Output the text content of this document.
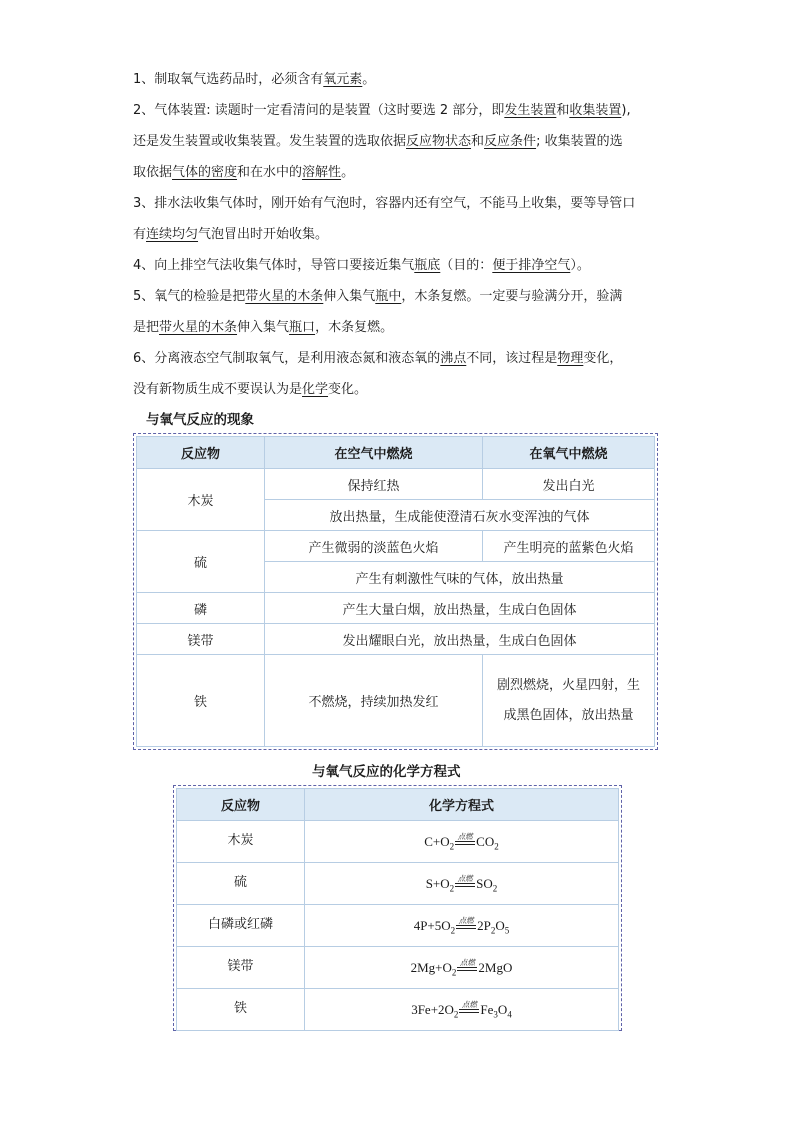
1、制取氧气选药品时，必须含有氧元素。
2、气体装置: 读题时一定看清问的是装置（这时要选 2 部分，即发生装置和收集装置),
还是发生装置或收集装置。发生装置的选取依据反应物状态和反应条件; 收集装置的选
取依据气体的密度和在水中的溶解性。
3、排水法收集气体时，刚开始有气泡时，容器内还有空气，不能马上收集，要等导管口
有连续均匀气泡冒出时开始收集。
4、向上排空气法收集气体时，导管口要接近集气瓶底（目的：便于排净空气）。
5、氧气的检验是把带火星的木条伸入集气瓶中，木条复燃。一定要与验满分开，验满
是把带火星的木条伸入集气瓶口，木条复燃。
6、分离液态空气制取氧气，是利用液态氮和液态氧的沸点不同，该过程是物理变化，
没有新物质生成不要误认为是化学变化。
与氧气反应的现象
反应物	在空气中燃烧	在氧气中燃烧
木炭	保持红热	发出白光
	放出热量，生成能使澄清石灰水变浑浊的气体	
硫	产生微弱的淡蓝色火焰	产生明亮的蓝紫色火焰
	产生有刺激性气味的气体，放出热量	
磷	产生大量白烟，放出热量，生成白色固体	
镁带	发出耀眼白光，放出热量，生成白色固体	
铁	不燃烧，持续加热发红	剧烈燃烧，火星四射，生成黑色固体，放出热量
与氧气反应的化学方程式
反应物	化学方程式
木炭	$C+O_2$
点燃 $CO_2$

硫	$S+O_2$
点燃 $SO_2$

白磷或红磷	$4P+5O_2$
点燃 $2P_2O_5$

镁带	$2Mg+O_2$
点燃 2MgO

铁	$3Fe+2O_2$
点燃 $Fe_3O_4$
